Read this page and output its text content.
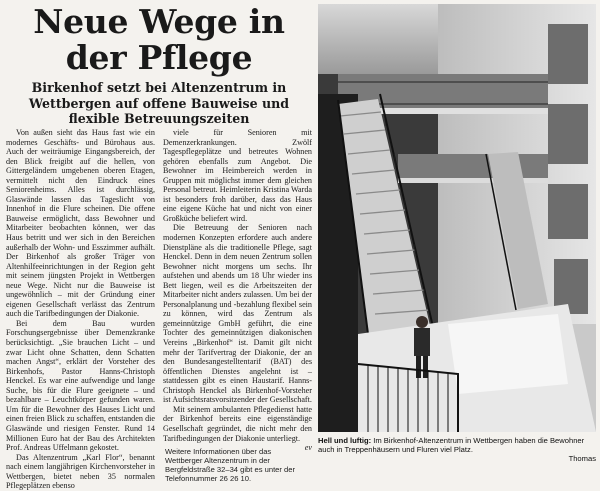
Neue Wege in
der Pflege
Birkenhof setzt bei Altenzentrum in Wettbergen auf offene Bauweise und flexible Betreuungszeiten

Von außen sieht das Haus fast wie ein modernes Geschäfts- und Bürohaus aus. Auch der weiträumige Eingangsbereich, der den Blick freigibt auf die hellen, von Gittergeländern umgebenen oberen Etagen, vermittelt nicht den Eindruck eines Seniorenheims. Alles ist durchlässig, Glaswände lassen das Tageslicht von Innenhof in die Flure scheinen. Die offene Bauweise ermöglicht, dass Bewohner und Mitarbeiter beobachten können, wer das Haus betritt und wer sich in den Bereichen außerhalb der Wohn- und Esszimmer aufhält. Der Birkenhof als großer Träger von Altenhilfeeinrichtungen in der Region geht mit seinem jüngsten Projekt in Wettbergen neue Wege. Nicht nur die Bauweise ist ungewöhnlich – mit der Gründung einer eigenen Gesellschaft verlässt das Zentrum auch die Tarifbedingungen der Diakonie.

Bei dem Bau wurden Forschungsergebnisse über Demenzkranke berücksichtigt. „Sie brauchen Licht – und zwar Licht ohne Schatten, denn Schatten machen Angst“, erklärt der Vorsteher des Birkenhofs, Pastor Hanns-Christoph Henckel. Es war eine aufwendige und lange Suche, bis für die Flure geeignete – und bezahlbare – Leuchtkörper gefunden waren. Um für die Bewohner des Hauses Licht und einen freien Blick zu schaffen, entstanden die Glaswände und riesigen Fenster. Rund 14 Millionen Euro hat der Bau des Architekten Prof. Andreas Uffelmann gekostet.

Das Altenzentrum „Karl Flor“, benannt nach einem langjährigen Kirchenvorsteher in Wettbergen, bietet neben 35 normalen Pflegeplätzen ebenso

viele für Senioren mit Demenzerkrankungen. Zwölf Tagespflegeplätze und betreutes Wohnen gehören ebenfalls zum Angebot. Die Bewohner im Heimbereich werden in Gruppen mit möglichst immer dem gleichen Personal betreut. Heimleiterin Kristina Warda ist besonders froh darüber, dass das Haus eine eigene Küche hat und nicht von einer Großküche beliefert wird.

Die Betreuung der Senioren nach modernen Konzepten erfordere auch andere Dienstpläne als die traditionelle Pflege, sagt Henckel. Denn in dem neuen Zentrum sollen Bewohner nicht morgens um sechs. Ihr aufstehen und abends um 18 Uhr wieder ins Bett liegen, weil es die Arbeitszeiten der Mitarbeiter nicht anders zulassen. Um bei der Personalplanung und -bezahlung flexibel sein zu können, wird das Zentrum als gemeinnützige GmbH geführt, die eine Tochter des gemeinnützigen diakonischen Vereins „Birkenhof“ ist. Damit gilt nicht mehr der Tarifvertrag der Diakonie, der an den Bundesangestelltentarif (BAT) des öffentlichen Dienstes angelehnt ist – stattdessen gibt es einen Haustarif. Hanns-Christoph Henckel als Birkenhof-Vorsteher ist Aufsichtsratsvorsitzender der Gesellschaft.

Mit seinem ambulanten Pflegedienst hatte der Birkenhof bereits eine eigenständige Gesellschaft gegründet, die nicht mehr den Tarifbedingungen der Diakonie unterliegt.
ev

Weitere Informationen über das Wettberger Altenzentrum in der Bergfeldstraße 32–34 gibt es unter der Telefonnummer 26 26 10.
Hell und luftig: Im Birkenhof-Altenzentrum in Wettbergen haben die Bewohner auch in Treppenhäusern und Fluren viel Platz.
Thomas
